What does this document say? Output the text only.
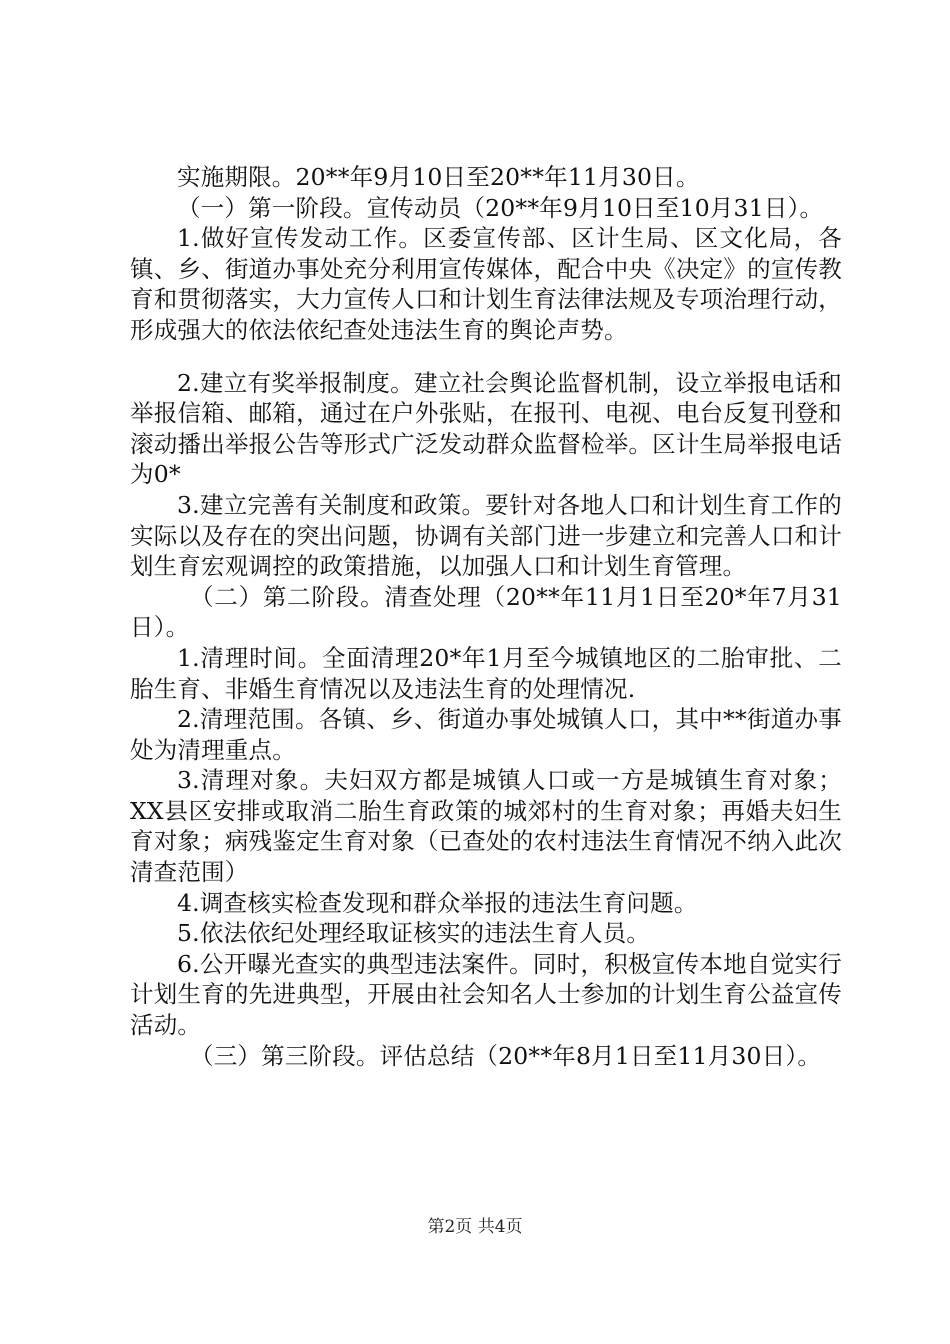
实施期限。20**年9月10日至20**年11月30日。

（一）第一阶段。宣传动员（20**年9月10日至10月31日）。

1.做好宣传发动工作。区委宣传部、区计生局、区文化局，各镇、乡、街道办事处充分利用宣传媒体，配合中央《决定》的宣传教育和贯彻落实，大力宣传人口和计划生育法律法规及专项治理行动，形成强大的依法依纪查处违法生育的舆论声势。

2.建立有奖举报制度。建立社会舆论监督机制，设立举报电话和举报信箱、邮箱，通过在户外张贴，在报刊、电视、电台反复刊登和滚动播出举报公告等形式广泛发动群众监督检举。区计生局举报电话为0*

3.建立完善有关制度和政策。要针对各地人口和计划生育工作的实际以及存在的突出问题，协调有关部门进一步建立和完善人口和计划生育宏观调控的政策措施，以加强人口和计划生育管理。

（二）第二阶段。清查处理（20**年11月1日至20*年7月31日）。

1.清理时间。全面清理20*年1月至今城镇地区的二胎审批、二胎生育、非婚生育情况以及违法生育的处理情况.

2.清理范围。各镇、乡、街道办事处城镇人口，其中**街道办事处为清理重点。

3.清理对象。夫妇双方都是城镇人口或一方是城镇生育对象；XX县区安排或取消二胎生育政策的城郊村的生育对象；再婚夫妇生育对象；病残鉴定生育对象（已查处的农村违法生育情况不纳入此次清查范围）

4.调查核实检查发现和群众举报的违法生育问题。

5.依法依纪处理经取证核实的违法生育人员。

6.公开曝光查实的典型违法案件。同时，积极宣传本地自觉实行计划生育的先进典型，开展由社会知名人士参加的计划生育公益宣传活动。

（三）第三阶段。评估总结（20**年8月1日至11月30日）。

第2页 共4页
